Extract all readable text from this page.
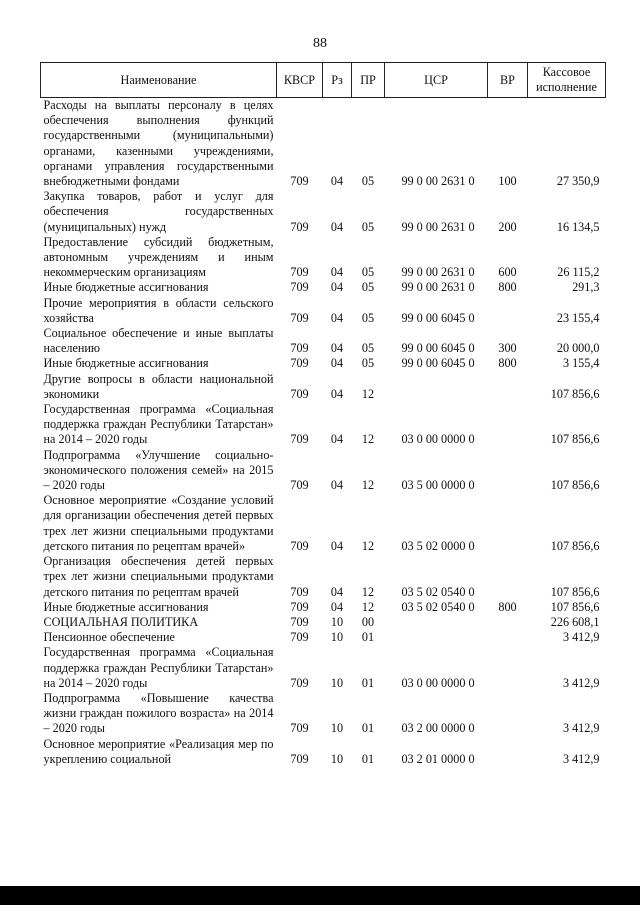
88
Наименование	КВСР	Рз	ПР	ЦСР	ВР	Кассовое исполнение
Расходы на выплаты персоналу в целях обеспечения выполнения функций государственными (муниципальными) органами, казенными учреждениями, органами управления государственными внебюджетными фондами	709	04	05	99 0 00 2631 0	100	27 350,9
Закупка товаров, работ и услуг для обеспечения государственных (муниципальных) нужд	709	04	05	99 0 00 2631 0	200	16 134,5
Предоставление субсидий бюджетным, автономным учреждениям и иным некоммерческим организациям	709	04	05	99 0 00 2631 0	600	26 115,2
Иные бюджетные ассигнования	709	04	05	99 0 00 2631 0	800	291,3
Прочие мероприятия в области сельского хозяйства	709	04	05	99 0 00 6045 0		23 155,4
Социальное обеспечение и иные выплаты населению	709	04	05	99 0 00 6045 0	300	20 000,0
Иные бюджетные ассигнования	709	04	05	99 0 00 6045 0	800	3 155,4
Другие вопросы в области национальной экономики	709	04	12			107 856,6
Государственная программа «Социальная поддержка граждан Республики Татарстан» на 2014 – 2020 годы	709	04	12	03 0 00 0000 0		107 856,6
Подпрограмма «Улучшение социально-экономического положения семей» на 2015 – 2020 годы	709	04	12	03 5 00 0000 0		107 856,6
Основное мероприятие «Создание условий для организации обеспечения детей первых трех лет жизни специальными продуктами детского питания по рецептам врачей»	709	04	12	03 5 02 0000 0		107 856,6
Организация обеспечения детей первых трех лет жизни специальными продуктами детского питания по рецептам врачей	709	04	12	03 5 02 0540 0		107 856,6
Иные бюджетные ассигнования	709	04	12	03 5 02 0540 0	800	107 856,6
СОЦИАЛЬНАЯ ПОЛИТИКА	709	10	00			226 608,1
Пенсионное обеспечение	709	10	01			3 412,9
Государственная программа «Социальная поддержка граждан Республики Татарстан» на 2014 – 2020 годы	709	10	01	03 0 00 0000 0		3 412,9
Подпрограмма «Повышение качества жизни граждан пожилого возраста» на 2014 – 2020 годы	709	10	01	03 2 00 0000 0		3 412,9
Основное мероприятие «Реализация мер по укреплению социальной	709	10	01	03 2 01 0000 0		3 412,9
